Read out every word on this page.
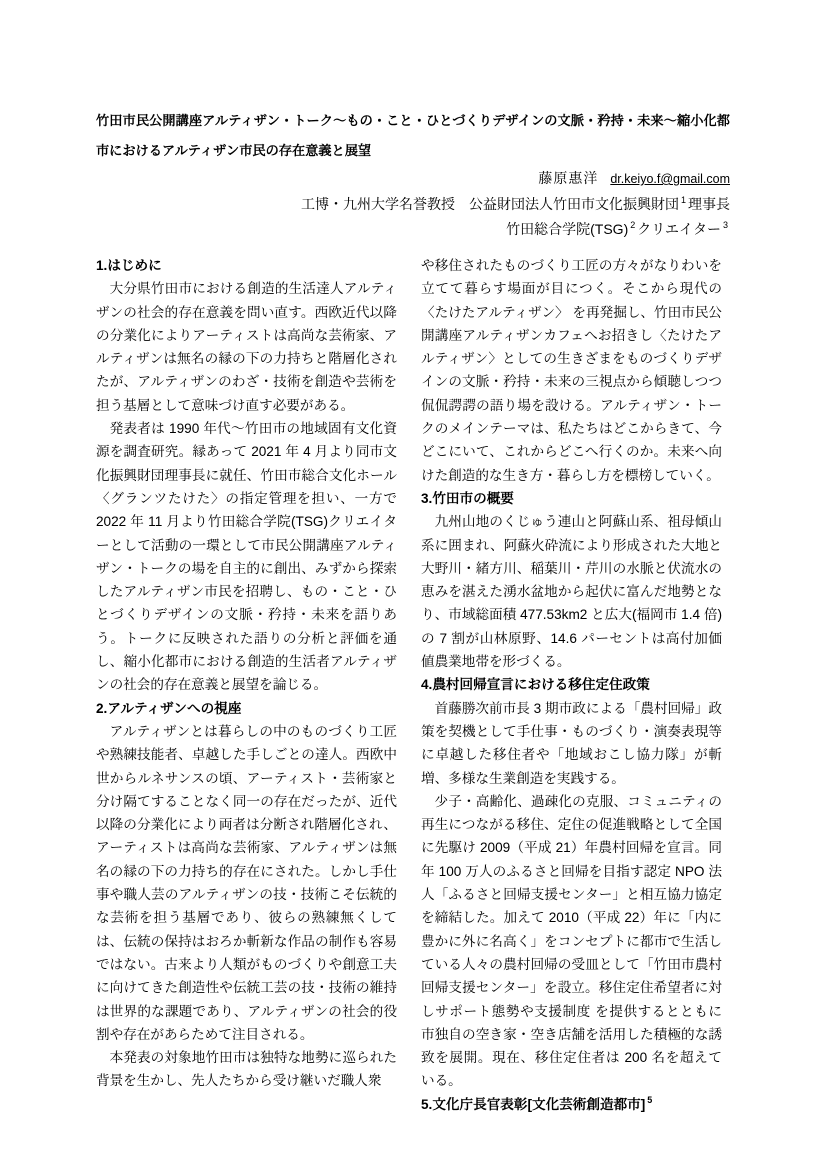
竹田市民公開講座アルティザン・トーク～もの・こと・ひとづくりデザインの文脈・矜持・未来～縮小化都市におけるアルティザン市民の存在意義と展望
藤原惠洋 dr.keiyo.f@gmail.com
工博・九州大学名誉教授　公益財団法人竹田市文化振興財団 $^1$ 理事長
竹田総合学院(TSG) $^2$ クリエイター $^3$
1.はじめに

大分県竹田市における創造的生活達人アルティザンの社会的存在意義を問い直す。西欧近代以降の分業化によりアーティストは高尚な芸術家、アルティザンは無名の縁の下の力持ちと階層化されたが、アルティザンのわざ・技術を創造や芸術を担う基層として意味づけ直す必要がある。

発表者は 1990 年代～竹田市の地域固有文化資源を調査研究。縁あって 2021 年 4 月より同市文化振興財団理事長に就任、竹田市総合文化ホール〈グランツたけた〉の指定管理を担い、一方で 2022 年 11 月より竹田総合学院(TSG)クリエイターとして活動の一環として市民公開講座アルティザン・トークの場を自主的に創出、みずから探索したアルティザン市民を招聘し、もの・こと・ひとづくりデザインの文脈・矜持・未来を語りあう。トークに反映された語りの分析と評価を通し、縮小化都市における創造的生活者アルティザンの社会的存在意義と展望を論じる。

2.アルティザンへの視座

アルティザンとは暮らしの中のものづくり工匠や熟練技能者、卓越した手しごとの達人。西欧中世からルネサンスの頃、アーティスト・芸術家と分け隔てすることなく同一の存在だったが、近代以降の分業化により両者は分断され階層化され、アーティストは高尚な芸術家、アルティザンは無名の縁の下の力持ち的存在にされた。しかし手仕事や職人芸のアルティザンの技・技術こそ伝統的な芸術を担う基層であり、彼らの熟練無くしては、伝統の保持はおろか斬新な作品の制作も容易ではない。古来より人類がものづくりや創意工夫に向けてきた創造性や伝統工芸の技・技術の維持は世界的な課題であり、アルティザンの社会的役割や存在があらためて注目される。

本発表の対象地竹田市は独特な地勢に巡られた背景を生かし、先人たちから受け継いだ職人衆

や移住されたものづくり工匠の方々がなりわいを立てて暮らす場面が目につく。そこから現代の〈たけたアルティザン〉 を再発掘し、竹田市民公開講座アルティザンカフェへお招きし〈たけたアルティザン〉としての生きざまをものづくりデザインの文脈・矜持・未来の三視点から傾聴しつつ侃侃諤諤の語り場を設ける。アルティザン・トークのメインテーマは、私たちはどこからきて、今どこにいて、これからどこへ行くのか。未来へ向けた創造的な生き方・暮らし方を標榜していく。

3.竹田市の概要

九州山地のくじゅう連山と阿蘇山系、祖母傾山系に囲まれ、阿蘇火砕流により形成された大地と大野川・緒方川、稲葉川・芹川の水脈と伏流水の恵みを湛えた湧水盆地から起伏に富んだ地勢となり、市域総面積 477.53km2 と広大(福岡市 1.4 倍)の 7 割が山林原野、14.6 パーセントは高付加価値農業地帯を形づくる。

4.農村回帰宣言における移住定住政策

首藤勝次前市長 3 期市政による「農村回帰」政策を契機として手仕事・ものづくり・演奏表現等に卓越した移住者や「地域おこし協力隊」が斬増、多様な生業創造を実践する。

少子・高齢化、過疎化の克服、コミュニティの再生につながる移住、定住の促進戦略として全国に先駆け 2009（平成 21）年農村回帰を宣言。同年 100 万人のふるさと回帰を目指す認定 NPO 法人「ふるさと回帰支援センター」と相互協力協定を締結した。加えて 2010（平成 22）年に「内に豊かに外に名高く」をコンセプトに都市で生活している人々の農村回帰の受皿として「竹田市農村回帰支援センター」を設立。移住定住希望者に対しサポート態勢や支援制度 を提供するとともに市独自の空き家・空き店舗を活用した積極的な誘致を展開。現在、移住定住者は 200 名を超えている。

5.文化庁長官表彰[文化芸術創造都市] $^5$
